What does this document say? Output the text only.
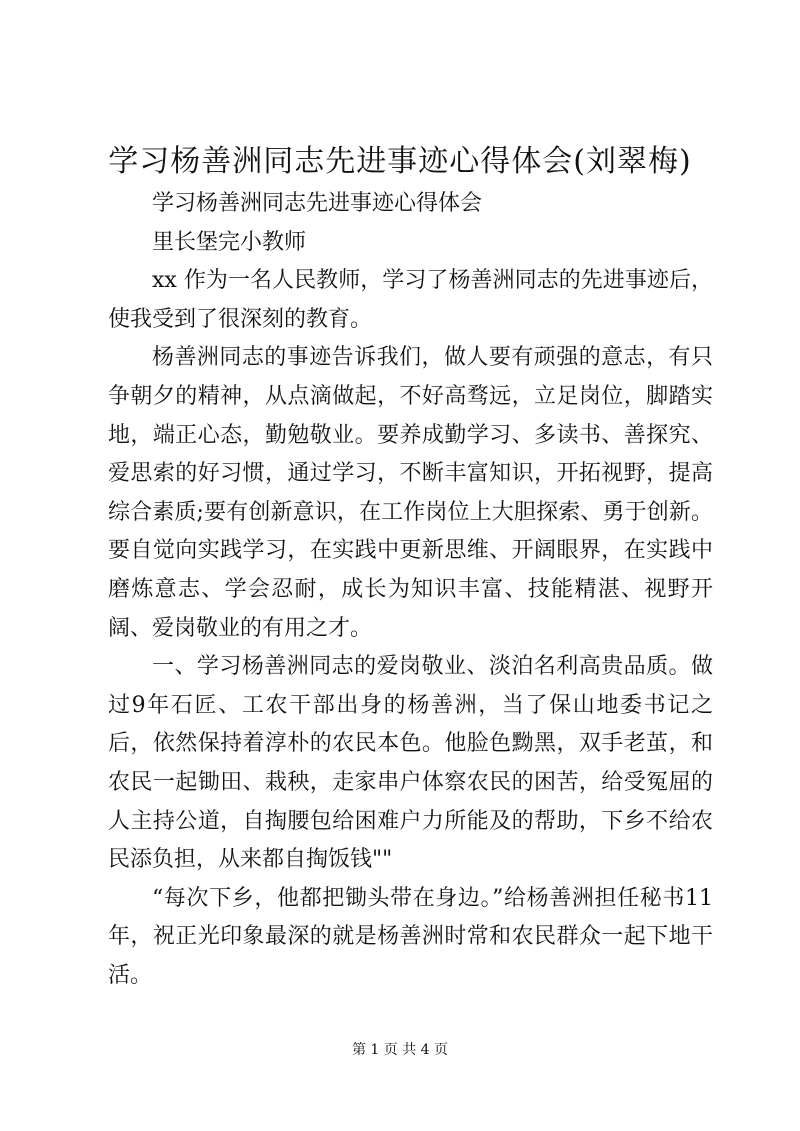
学习杨善洲同志先进事迹心得体会(刘翠梅)

学习杨善洲同志先进事迹心得体会

里长堡完小教师

xx 作为一名人民教师，学习了杨善洲同志的先进事迹后，使我受到了很深刻的教育。

杨善洲同志的事迹告诉我们，做人要有顽强的意志，有只争朝夕的精神，从点滴做起，不好高骛远，立足岗位，脚踏实地，端正心态，勤勉敬业。要养成勤学习、多读书、善探究、爱思索的好习惯，通过学习，不断丰富知识，开拓视野，提高综合素质;要有创新意识，在工作岗位上大胆探索、勇于创新。要自觉向实践学习，在实践中更新思维、开阔眼界，在实践中磨炼意志、学会忍耐，成长为知识丰富、技能精湛、视野开阔、爱岗敬业的有用之才。

一、学习杨善洲同志的爱岗敬业、淡泊名利高贵品质。做过9年石匠、工农干部出身的杨善洲，当了保山地委书记之后，依然保持着淳朴的农民本色。他脸色黝黑，双手老茧，和农民一起锄田、栽秧，走家串户体察农民的困苦，给受冤屈的人主持公道，自掏腰包给困难户力所能及的帮助，下乡不给农民添负担，从来都自掏饭钱""

“每次下乡，他都把锄头带在身边。”给杨善洲担任秘书11年，祝正光印象最深的就是杨善洲时常和农民群众一起下地干活。

第 1 页 共 4 页
